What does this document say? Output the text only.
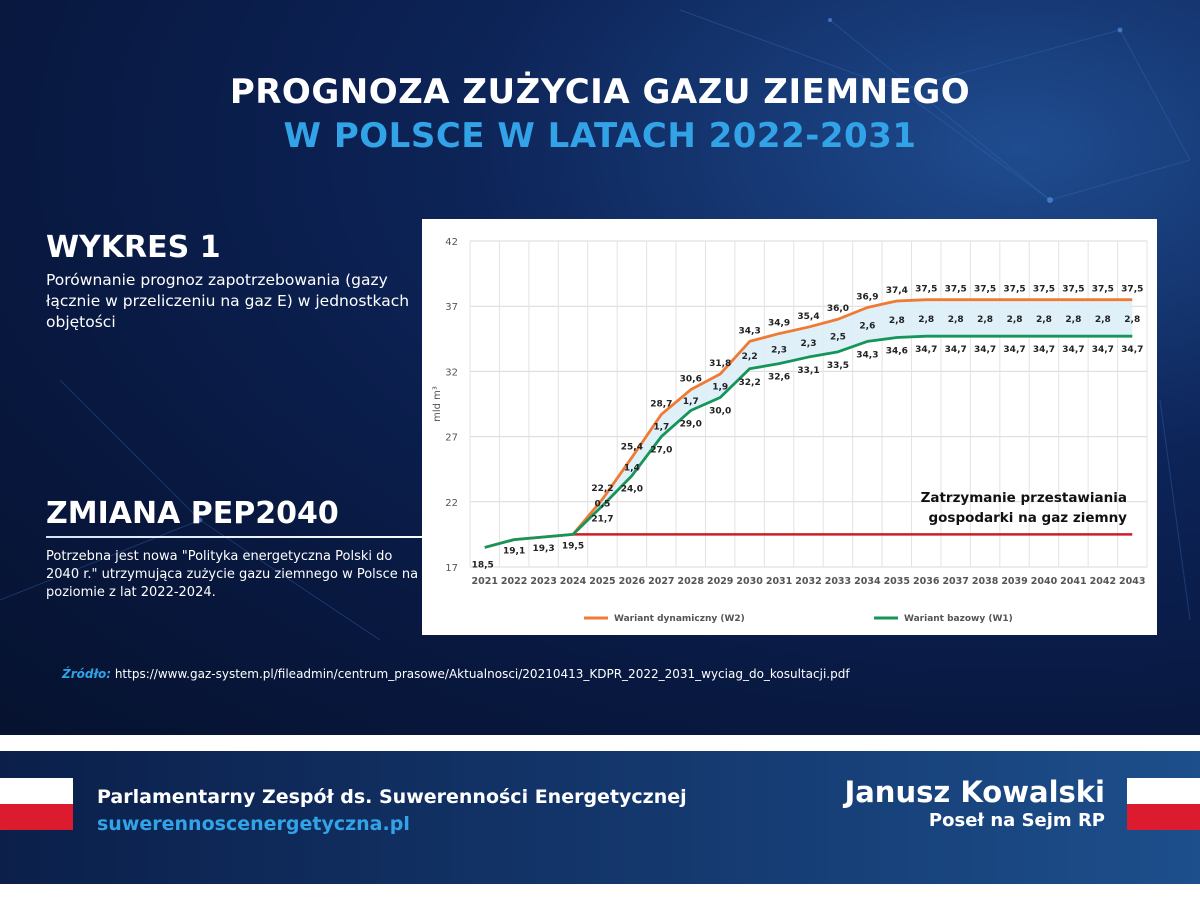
PROGNOZA ZUŻYCIA GAZU ZIEMNEGO
W POLSCE W LATACH 2022-2031
WYKRES 1
Porównanie prognoz zapotrzebowania (gazy łącznie w przeliczeniu na gaz E) w jednostkach objętości
ZMIANA PEP2040
Potrzebna jest nowa "Polityka energetyczna Polski do 2040 r." utrzymująca zużycie gazu ziemnego w Polsce na poziomie z lat 2022-2024.
17
22
27
32
37
42
2021 2022 2023 2024 2025 2026 2027 2028 2029 2030 2031 2032 2033 2034 2035 2036 2037 2038 2039 2040 2041 2042 2043
mld m³
22,2
25,4
28,7
30,6
31,8
34,3
34,9
35,4
36,0
36,9
37,4 37,5 37,5 37,5 37,5 37,5 37,5 37,5 37,5
18,5
19,1 19,3 19,5
21,7
24,0
27,0
29,0
30,0
32,2
32,6
33,1
33,5
34,3 34,6 34,7 34,7 34,7 34,7 34,7 34,7 34,7 34,7
0,5
1,4
1,7
1,7
1,9
2,2
2,3
2,3
2,5
2,6
2,8 2,8 2,8 2,8 2,8 2,8 2,8 2,8 2,8
Zatrzymanie przestawiania
gospodarki na gaz ziemny
Wariant dynamiczny (W2)	Wariant bazowy (W1)
Źródło: https://www.gaz-system.pl/fileadmin/centrum_prasowe/Aktualnosci/20210413_KDPR_2022_2031_wyciag_do_kosultacji.pdf
Parlamentarny Zespół ds. Suwerenności Energetycznej
suwerennoscenergetyczna.pl
Janusz Kowalski
Poseł na Sejm RP
